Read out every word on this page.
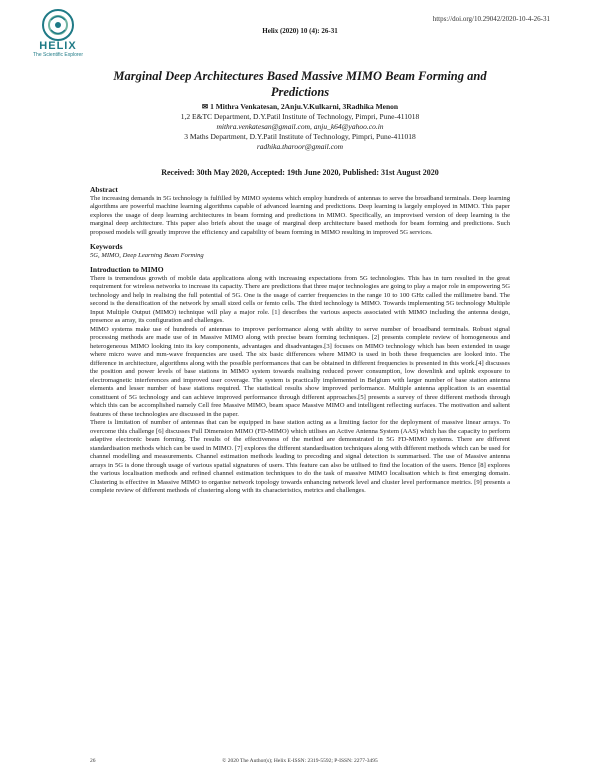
HELIX
The Scientific Explorer
https://doi.org/10.29042/2020-10-4-26-31
Helix (2020) 10 (4): 26-31
Marginal Deep Architectures Based Massive MIMO Beam Forming and Predictions
✉ 1 Mithra Venkatesan, 2Anju.V.Kulkarni, 3Radhika Menon
1,2 E&TC Department, D.Y.Patil Institute of Technology, Pimpri, Pune-411018
mithra.venkatesan@gmail.com, anju_k64@yahoo.co.in
3 Maths Department, D.Y.Patil Institute of Technology, Pimpri, Pune-411018
radhika.tharoor@gmail.com
Received: 30th May 2020, Accepted: 19th June 2020, Published: 31st August 2020
Abstract

The increasing demands in 5G technology is fulfilled by MIMO systems which employ hundreds of antennas to serve the broadband terminals. Deep learning algorithms are powerful machine learning algorithms capable of advanced learning and predictions. Deep learning is largely employed in MIMO. This paper explores the usage of deep learning architectures in beam forming and predictions in MIMO. Specifically, an improvised version of deep learning is the marginal deep architecture. This paper also briefs about the usage of marginal deep architecture based methods for beam forming and predictions. Such proposed models will greatly improve the efficiency and capability of beam forming in MIMO resulting in improved 5G services.

Keywords

5G, MIMO, Deep Learning Beam Forming

Introduction to MIMO

There is tremendous growth of mobile data applications along with increasing expectations from 5G technologies. This has in turn resulted in the great requirement for wireless networks to increase its capacity. There are predictions that three major technologies are going to play a major role in empowering 5G technology and help in realising the full potential of 5G. One is the usage of carrier frequencies in the range 10 to 100 GHz called the millimetre band. The second is the densification of the network by small sized cells or femto cells. The third technology is MIMO. Towards implementing 5G technology Multiple Input Multiple Output (MIMO) technique will play a major role. [1] describes the various aspects associated with MIMO including the antenna design, presence as array, its configuration and challenges.

MIMO systems make use of hundreds of antennas to improve performance along with ability to serve number of broadband terminals. Robust signal processing methods are made use of in Massive MIMO along with precise beam forming techniques. [2] presents complete review of homogeneous and heterogeneous MIMO looking into its key components, advantages and disadvantages.[3] focuses on MIMO technology which has been extended in usage where micro wave and mm-wave frequencies are used. The six basic differences where MIMO is used in both these frequencies are looked into. The difference in architecture, algorithms along with the possible performances that can be obtained in different frequencies is presented in this work.[4] discusses the position and power levels of base stations in MIMO system towards realising reduced power consumption, low downlink and uplink exposure to electromagnetic interferences and improved user coverage. The system is practically implemented in Belgium with larger number of base station antenna elements and lesser number of base stations required. The statistical results show improved performance. Multiple antenna application is an essential constituent of 5G technology and can achieve improved performance through different approaches.[5] presents a survey of three different methods through which this can be accomplished namely Cell free Massive MIMO, beam space Massive MIMO and intelligent reflecting surfaces. The motivation and salient features of these technologies are discussed in the paper.

There is limitation of number of antennas that can be equipped in base station acting as a limiting factor for the deployment of massive linear arrays. To overcome this challenge [6] discusses Full Dimension MIMO (FD-MIMO) which utilises an Active Antenna System (AAS) which has the capacity to perform adaptive electronic beam forming. The results of the effectiveness of the method are demonstrated in 5G FD-MIMO systems. There are different standardisation methods which can be used in MIMO. [7] explores the different standardisation techniques along with different methods which can be used for channel modelling and measurements. Channel estimation methods leading to precoding and signal detection is summarised. The use of Massive antenna arrays in 5G is done through usage of various spatial signatures of users. This feature can also be utilised to find the location of the users. Hence [8] explores the various localisation methods and refined channel estimation techniques to do the task of massive MIMO localisation which is first emerging domain. Clustering is effective in Massive MIMO to organise network topology towards enhancing network level and cluster level performance metrics. [9] presents a complete review of different methods of clustering along with its characteristics, metrics and challenges.

26	© 2020 The Author(s); Helix E-ISSN: 2319-5592; P-ISSN: 2277-3495
